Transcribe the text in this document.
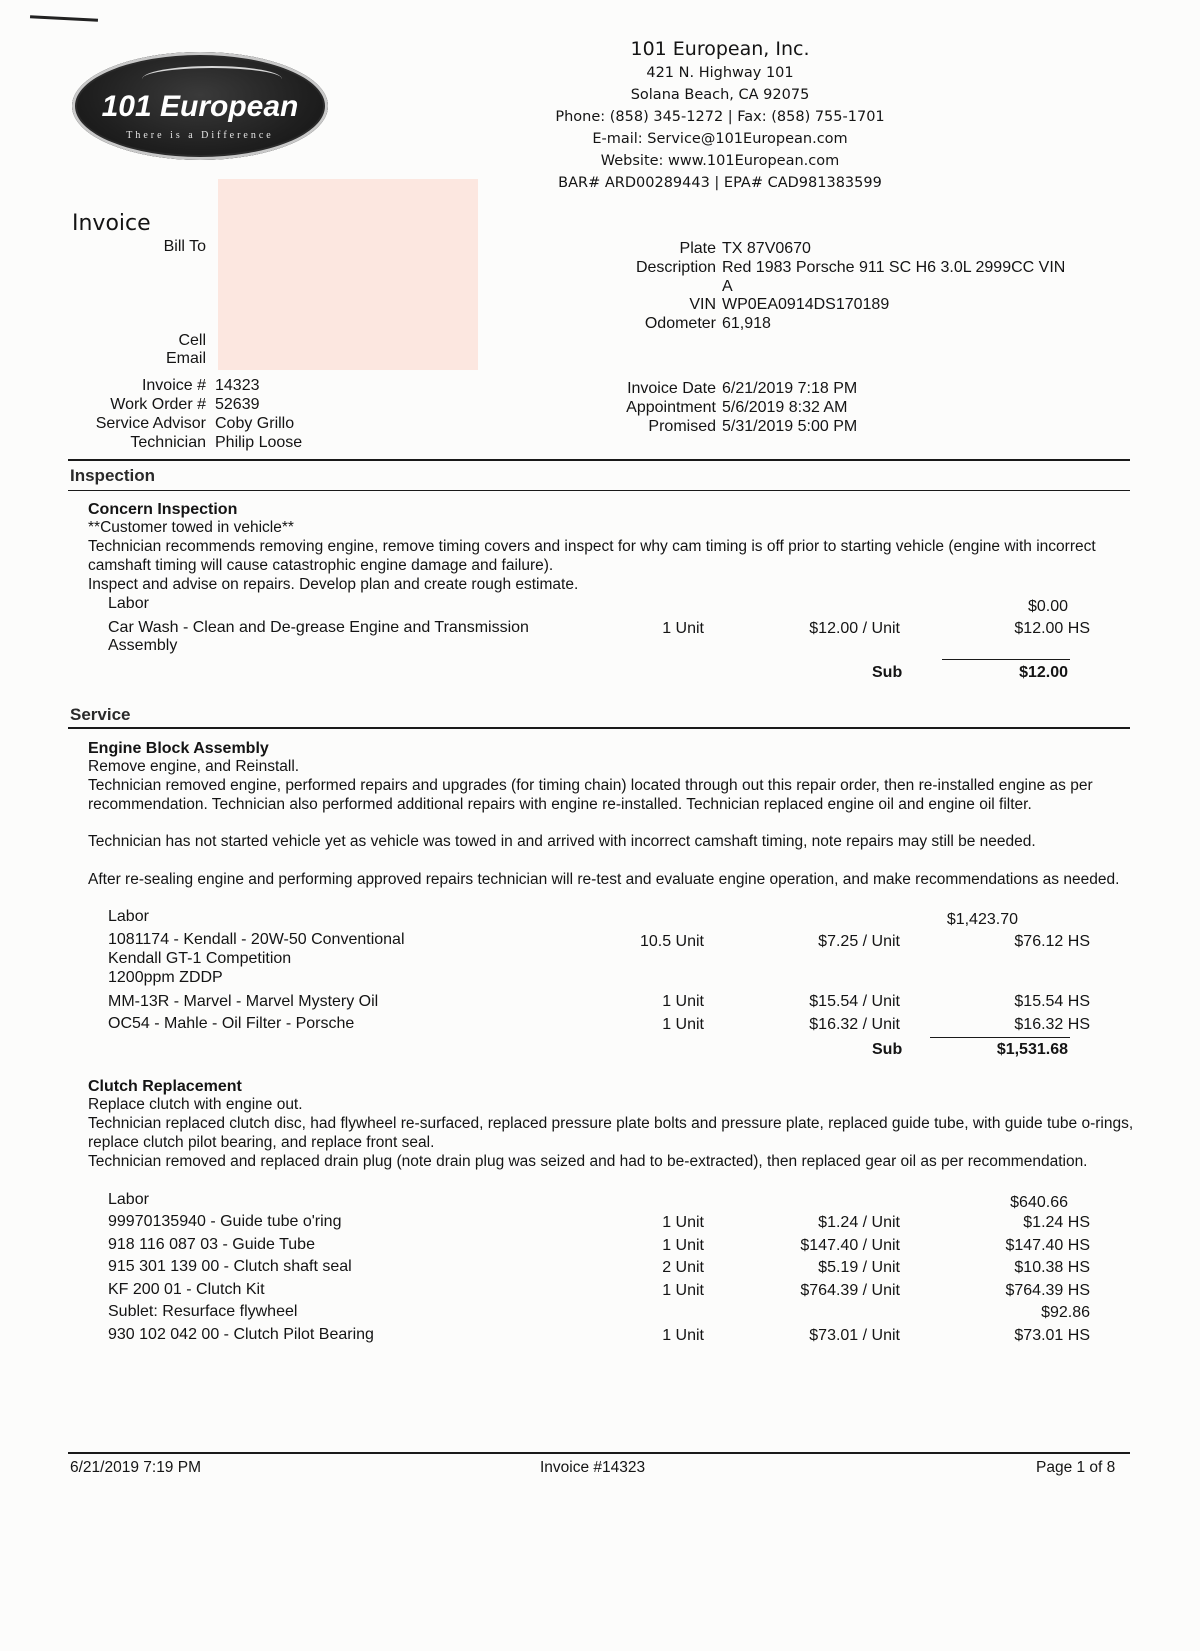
101 European
There is a Difference
101 European, Inc.
421 N. Highway 101
Solana Beach, CA 92075
Phone: (858) 345-1272 | Fax: (858) 755-1701
E-mail: Service@101European.com
Website: www.101European.com
BAR# ARD00289443 | EPA# CAD981383599
Invoice
Bill To
Cell
Email
Plate TX 87V0670
Description Red 1983 Porsche 911 SC H6 3.0L 2999CC VIN
A
VIN WP0EA0914DS170189
Odometer 61,918
Invoice # 14323
Work Order # 52639
Service Advisor Coby Grillo
Technician Philip Loose
Invoice Date 6/21/2019 7:18 PM
Appointment 5/6/2019 8:32 AM
Promised 5/31/2019 5:00 PM
Inspection
Concern Inspection
**Customer towed in vehicle**
Technician recommends removing engine, remove timing covers and inspect for why cam timing is off prior to starting vehicle (engine with incorrect camshaft timing will cause catastrophic engine damage and failure).
Inspect and advise on repairs. Develop plan and create rough estimate.
Labor	$0.00
Car Wash - Clean and De-grease Engine and Transmission
Assembly
1 Unit	$12.00 / Unit	$12.00 HS
Sub	$12.00
Service
Engine Block Assembly
Remove engine, and Reinstall.
Technician removed engine, performed repairs and upgrades (for timing chain) located through out this repair order, then re-installed engine as per recommendation. Technician also performed additional repairs with engine re-installed. Technician replaced engine oil and engine oil filter.
Technician has not started vehicle yet as vehicle was towed in and arrived with incorrect camshaft timing, note repairs may still be needed.
After re-sealing engine and performing approved repairs technician will re-test and evaluate engine operation, and make recommendations as needed.
Labor	$1,423.70
1081174 - Kendall - 20W-50 Conventional
Kendall GT-1 Competition
1200ppm ZDDP
10.5 Unit	$7.25 / Unit	$76.12 HS
MM-13R - Marvel - Marvel Mystery Oil	1 Unit	$15.54 / Unit	$15.54 HS
OC54 - Mahle - Oil Filter - Porsche	1 Unit	$16.32 / Unit	$16.32 HS
Sub	$1,531.68
Clutch Replacement
Replace clutch with engine out.
Technician replaced clutch disc, had flywheel re-surfaced, replaced pressure plate bolts and pressure plate, replaced guide tube, with guide tube o-rings, replace clutch pilot bearing, and replace front seal.
Technician removed and replaced drain plug (note drain plug was seized and had to be-extracted), then replaced gear oil as per recommendation.
Labor	$640.66
99970135940 - Guide tube o'ring	1 Unit	$1.24 / Unit	$1.24 HS
918 116 087 03 - Guide Tube	1 Unit	$147.40 / Unit	$147.40 HS
915 301 139 00 - Clutch shaft seal	2 Unit	$5.19 / Unit	$10.38 HS
KF 200 01 - Clutch Kit	1 Unit	$764.39 / Unit	$764.39 HS
Sublet: Resurface flywheel	$92.86
930 102 042 00 - Clutch Pilot Bearing	1 Unit	$73.01 / Unit	$73.01 HS
6/21/2019 7:19 PM	Invoice #14323	Page 1 of 8
